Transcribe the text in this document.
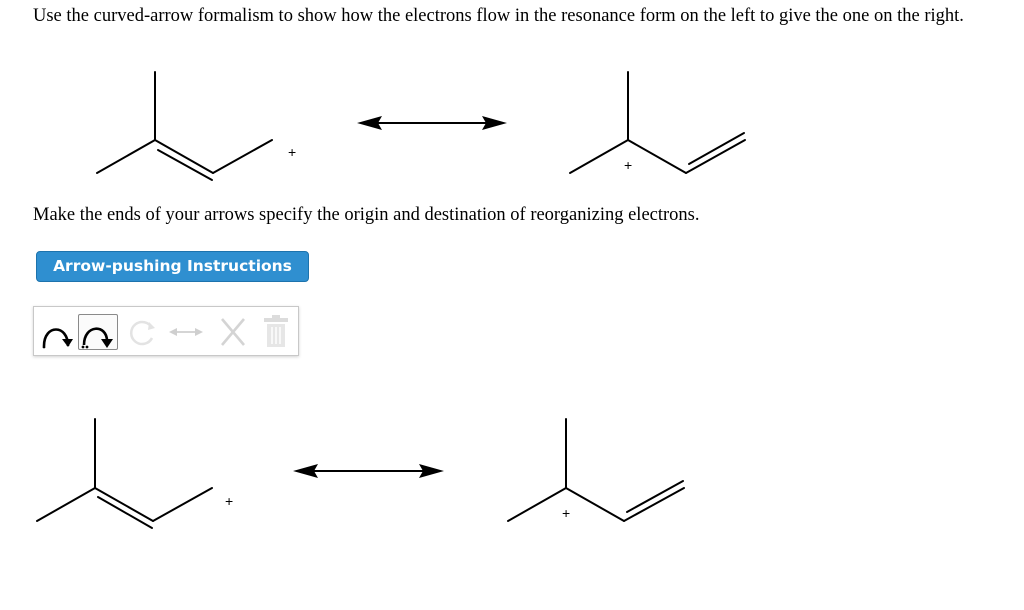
Use the curved-arrow formalism to show how the electrons flow in the resonance form on the left to give the one on the right.
+
+
+
+
Make the ends of your arrows specify the origin and destination of reorganizing electrons.
Arrow-pushing Instructions
